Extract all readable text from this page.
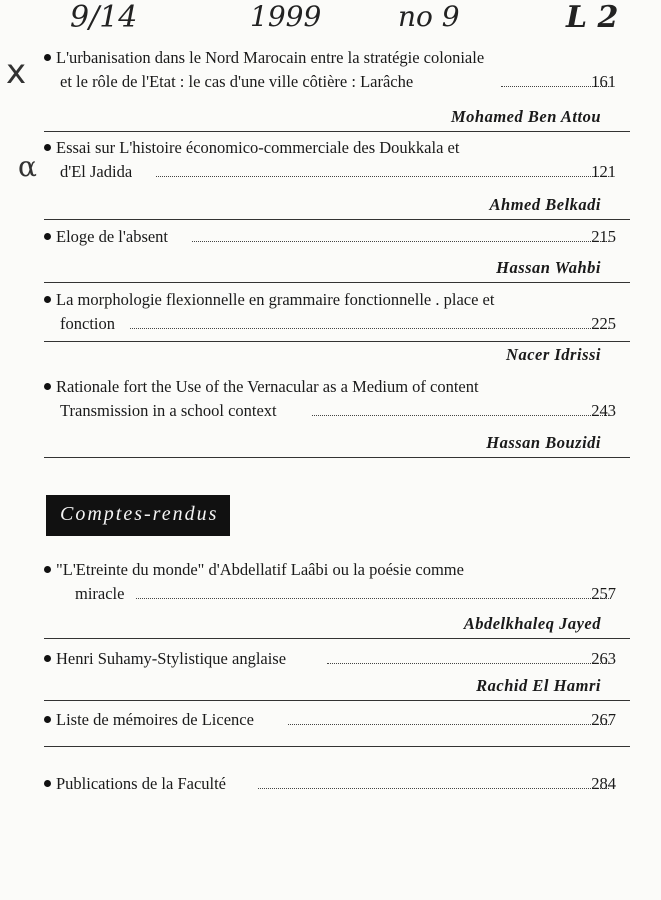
9/14	1999	no 9	L 2
x
α
L'urbanisation dans le Nord Marocain entre la stratégie coloniale
et le rôle de l'Etat : le cas d'une ville côtière : Larâche	161
Mohamed Ben Attou
Essai sur L'histoire économico-commerciale des Doukkala et
d'El Jadida	121
Ahmed Belkadi
Eloge de l'absent	215
Hassan Wahbi
La morphologie flexionnelle en grammaire fonctionnelle . place et
fonction	225
Nacer Idrissi
Rationale fort the Use of the Vernacular as a Medium of content
Transmission in a school context	243
Hassan Bouzidi
Comptes-rendus
"L'Etreinte du monde" d'Abdellatif Laâbi ou la poésie comme
miracle	257
Abdelkhaleq Jayed
Henri Suhamy-Stylistique anglaise	263
Rachid El Hamri
Liste de mémoires de Licence	267
Publications de la Faculté	284
